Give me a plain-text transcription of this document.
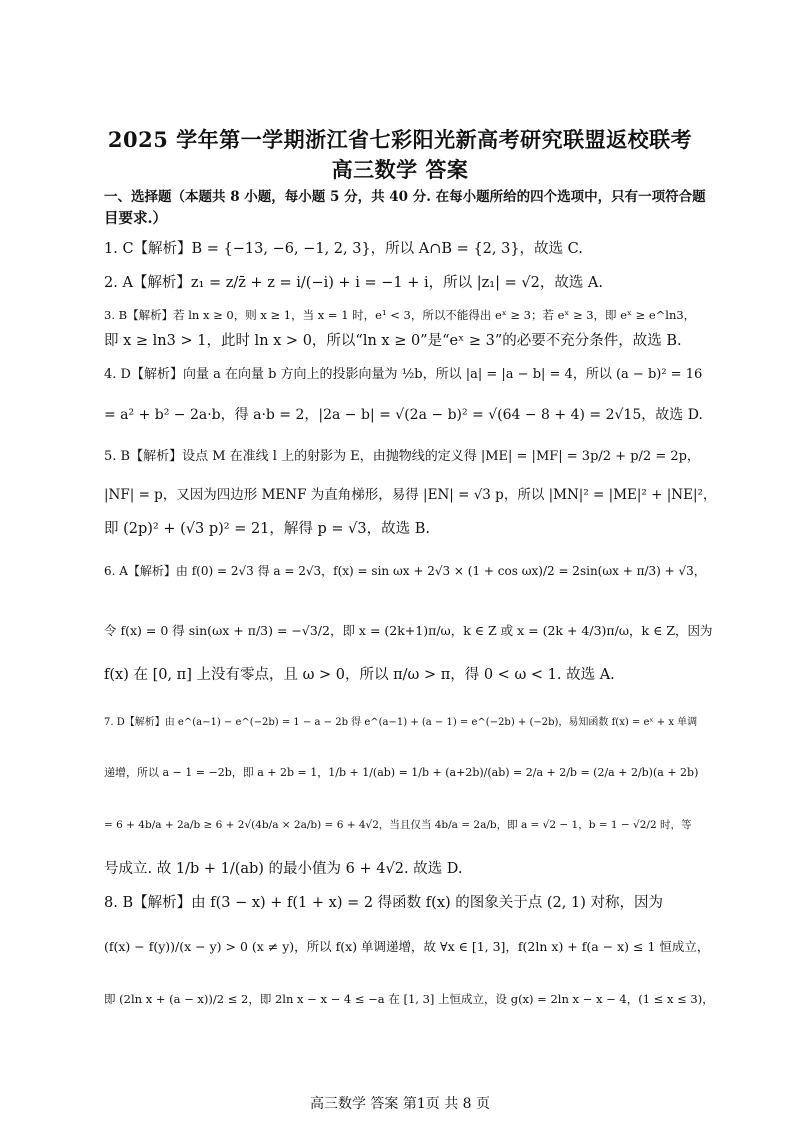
2025 学年第一学期浙江省七彩阳光新高考研究联盟返校联考
高三数学 答案
一、选择题（本题共 8 小题，每小题 5 分，共 40 分. 在每小题所给的四个选项中，只有一项符合题
目要求.）
1. C【解析】B = {−13, −6, −1, 2, 3}，所以 A∩B = {2, 3}，故选 C.
2. A【解析】z₁ = z/z̄ + z = i/(−i) + i = −1 + i，所以 |z₁| = √2，故选 A.
3. B【解析】若 ln x ≥ 0，则 x ≥ 1，当 x = 1 时，e¹ < 3，所以不能得出 eˣ ≥ 3；若 eˣ ≥ 3，即 eˣ ≥ e^ln3，
即 x ≥ ln3 > 1，此时 ln x > 0，所以“ln x ≥ 0”是“eˣ ≥ 3”的必要不充分条件，故选 B.
4. D【解析】向量 a 在向量 b 方向上的投影向量为 ½b，所以 |a| = |a − b| = 4，所以 (a − b)² = 16
= a² + b² − 2a·b，得 a·b = 2，|2a − b| = √(2a − b)² = √(64 − 8 + 4) = 2√15，故选 D.
5. B【解析】设点 M 在准线 l 上的射影为 E，由抛物线的定义得 |ME| = |MF| = 3p/2 + p/2 = 2p，
|NF| = p，又因为四边形 MENF 为直角梯形，易得 |EN| = √3 p，所以 |MN|² = |ME|² + |NE|²，
即 (2p)² + (√3 p)² = 21，解得 p = √3，故选 B.
6. A【解析】由 f(0) = 2√3 得 a = 2√3，f(x) = sin ωx + 2√3 × (1 + cos ωx)/2 = 2sin(ωx + π/3) + √3，
令 f(x) = 0 得 sin(ωx + π/3) = −√3/2，即 x = (2k+1)π/ω，k ∈ Z 或 x = (2k + 4/3)π/ω，k ∈ Z，因为
f(x) 在 [0, π] 上没有零点，且 ω > 0，所以 π/ω > π，得 0 < ω < 1. 故选 A.
7. D【解析】由 e^(a−1) − e^(−2b) = 1 − a − 2b 得 e^(a−1) + (a − 1) = e^(−2b) + (−2b)，易知函数 f(x) = eˣ + x 单调
递增，所以 a − 1 = −2b，即 a + 2b = 1，1/b + 1/(ab) = 1/b + (a+2b)/(ab) = 2/a + 2/b = (2/a + 2/b)(a + 2b)
= 6 + 4b/a + 2a/b ≥ 6 + 2√(4b/a × 2a/b) = 6 + 4√2，当且仅当 4b/a = 2a/b，即 a = √2 − 1，b = 1 − √2/2 时，等
号成立. 故 1/b + 1/(ab) 的最小值为 6 + 4√2. 故选 D.
8. B【解析】由 f(3 − x) + f(1 + x) = 2 得函数 f(x) 的图象关于点 (2, 1) 对称，因为
(f(x) − f(y))/(x − y) > 0 (x ≠ y)，所以 f(x) 单调递增，故 ∀x ∈ [1, 3]，f(2ln x) + f(a − x) ≤ 1 恒成立，
即 (2ln x + (a − x))/2 ≤ 2，即 2ln x − x − 4 ≤ −a 在 [1, 3] 上恒成立，设 g(x) = 2ln x − x − 4，(1 ≤ x ≤ 3)，
高三数学 答案 第1页 共 8 页
